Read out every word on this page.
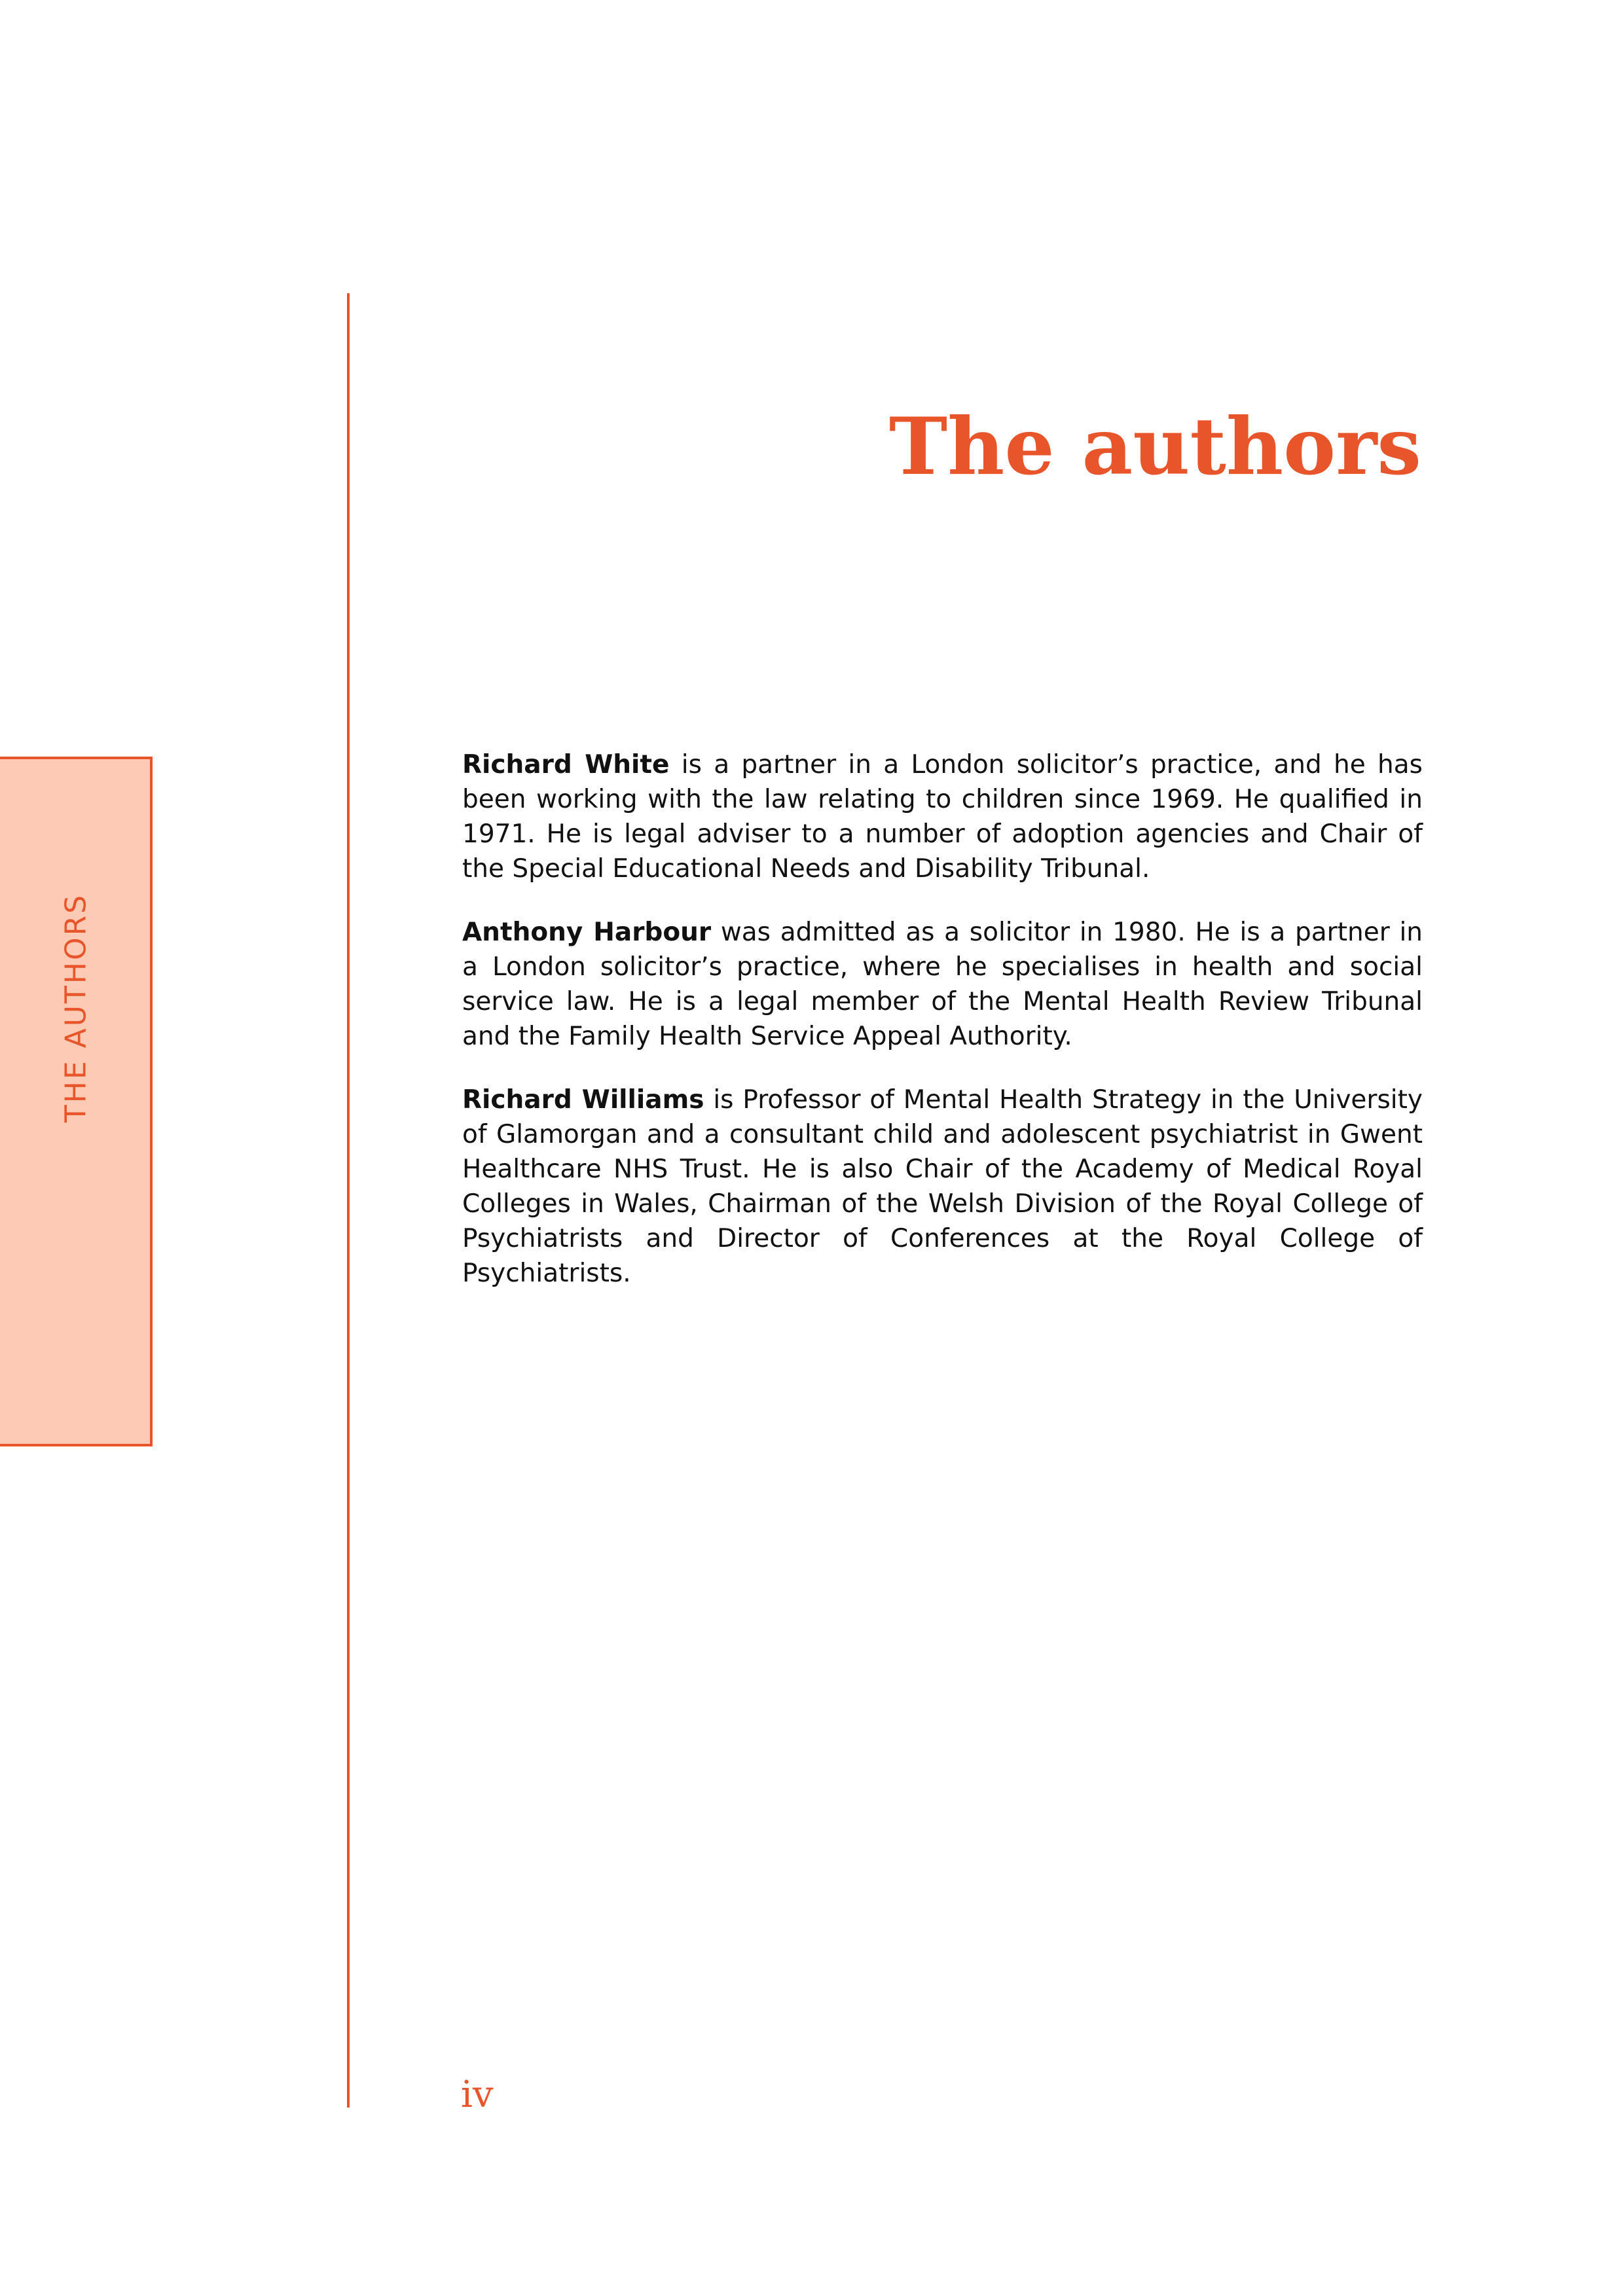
THE AUTHORS
The authors

Richard White is a partner in a London solicitor’s practice, and he has been working with the law relating to children since 1969. He qualified in 1971. He is legal adviser to a number of adoption agencies and Chair of the Special Educational Needs and Disability Tribunal.

Anthony Harbour was admitted as a solicitor in 1980. He is a partner in a London solicitor’s practice, where he specialises in health and social service law. He is a legal member of the Mental Health Review Tribunal and the Family Health Service Appeal Authority.

Richard Williams is Professor of Mental Health Strategy in the University of Glamorgan and a consultant child and adolescent psychiatrist in Gwent Healthcare NHS Trust. He is also Chair of the Academy of Medical Royal Colleges in Wales, Chairman of the Welsh Division of the Royal College of Psychiatrists and Director of Conferences at the Royal College of Psychiatrists.

iv
